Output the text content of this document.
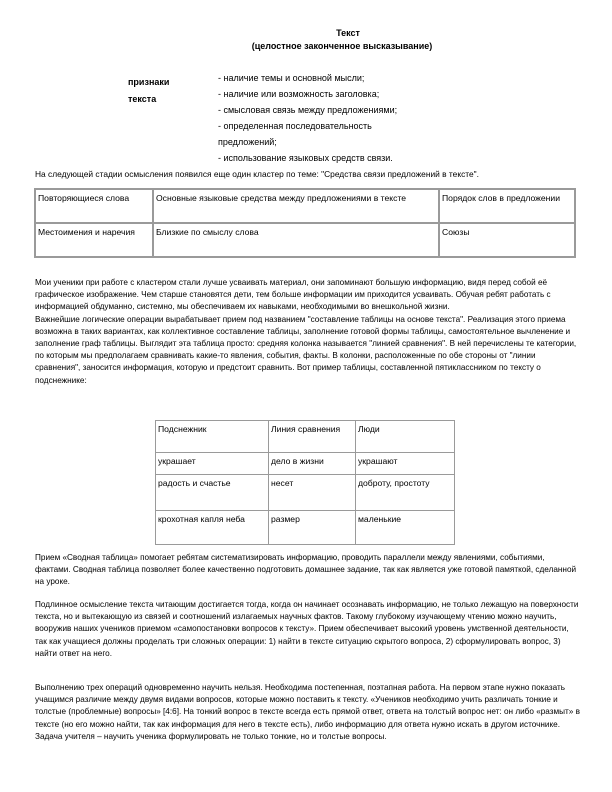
Текст
(целостное законченное высказывание)
признаки
текста
- наличие темы и основной мысли;
- наличие или возможность заголовка;
- смысловая связь между предложениями;
- определенная последовательность
предложений;
- использование языковых средств связи.
На следующей стадии осмысления появился еще один кластер по теме: "Средства связи предложений в тексте".
Повторяющиеся слова	Основные языковые средства между предложениями в тексте	Порядок слов в предложении
Местоимения и наречия	Близкие по смыслу слова	Союзы

Мои ученики при работе с кластером стали лучше усваивать материал, они запоминают большую информацию, видя перед собой её графическое изображение. Чем старше становятся дети, тем больше информации им приходится усваивать. Обучая ребят работать с информацией обдуманно, системно, мы обеспечиваем их навыками, необходимыми во внешкольной жизни.

Важнейшие логические операции вырабатывает прием под названием "составление таблицы на основе текста". Реализация этого приема возможна в таких вариантах, как коллективное составление таблицы, заполнение готовой формы таблицы, самостоятельное вычленение и заполнение граф таблицы. Выглядит эта таблица просто: средняя колонка называется "линией сравнения". В ней перечислены те категории, по которым мы предполагаем сравнивать какие-то явления, события, факты. В колонки, расположенные по обе стороны от "линии сравнения", заносится информация, которую и предстоит сравнить. Вот пример таблицы, составленной пятиклассником по тексту о подснежнике:

Подснежник	Линия сравнения	Люди
украшает	дело в жизни	украшают
радость и счастье	несет	доброту, простоту
крохотная капля неба	размер	маленькие

Прием «Сводная таблица» помогает ребятам систематизировать информацию, проводить параллели между явлениями, событиями, фактами. Сводная таблица позволяет более качественно подготовить домашнее задание, так как является уже готовой памяткой, сделанной на уроке.

Подлинное осмысление текста читающим достигается тогда, когда он начинает осознавать информацию, не только лежащую на поверхности текста, но и вытекающую из связей и соотношений излагаемых научных фактов. Такому глубокому изучающему чтению можно научить, вооружив наших учеников приемом «самопостановки вопросов к тексту». Прием обеспечивает высокий уровень умственной деятельности, так как учащиеся должны проделать три сложных операции: 1) найти в тексте ситуацию скрытого вопроса, 2) сформулировать вопрос, 3) найти ответ на него.

Выполнению трех операций одновременно научить нельзя. Необходима постепенная, поэтапная работа. На первом этапе нужно показать учащимся различие между двумя видами вопросов, которые можно поставить к тексту. «Учеников необходимо учить различать тонкие и толстые (проблемные) вопросы» [4:6]. На тонкий вопрос в тексте всегда есть прямой ответ, ответа на толстый вопрос нет: он либо «размыт» в тексте (но его можно найти, так как информация для него в тексте есть), либо информацию для ответа нужно искать в другом источнике. Задача учителя – научить ученика формулировать не только тонкие, но и толстые вопросы.
